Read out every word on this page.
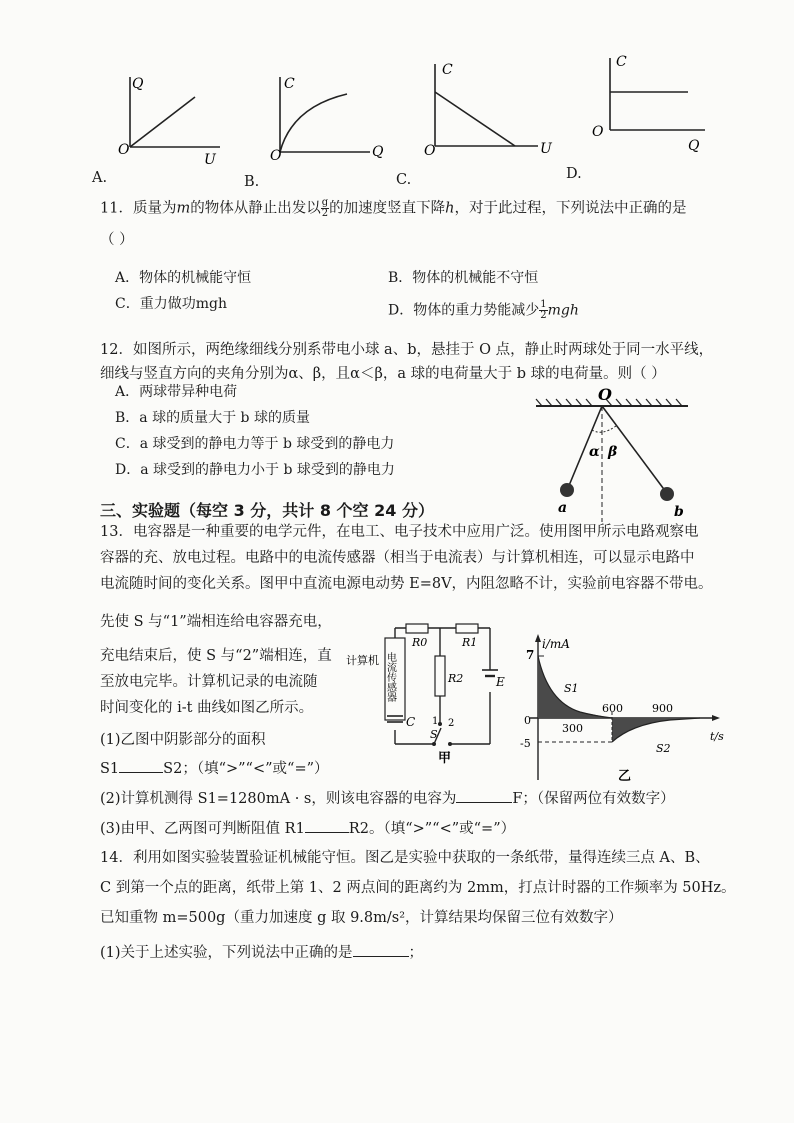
Q
O
U
A.
C
O	Q
B.
C
O	U
C.
C
O
Q
D.
11．质量为m的物体从静止出发以 $\frac{g}{2}$ 的加速度竖直下降h，对于此过程，下列说法中正确的是
（ ）
A．物体的机械能守恒	B．物体的机械能不守恒
C．重力做功mgh	D．物体的重力势能减少 $\frac{1}{2}$ mgh
12．如图所示，两绝缘细线分别系带电小球 a、b，悬挂于 O 点，静止时两球处于同一水平线，
细线与竖直方向的夹角分别为α、β，且α＜β，a 球的电荷量大于 b 球的电荷量。则（ ）
A．两球带异种电荷
B．a 球的质量大于 b 球的质量
C．a 球受到的静电力等于 b 球受到的静电力
D．a 球受到的静电力小于 b 球受到的静电力
O
α β
a	b
三、实验题（每空 3 分，共计 8 个空 24 分）
13．电容器是一种重要的电学元件，在电工、电子技术中应用广泛。使用图甲所示电路观察电
容器的充、放电过程。电路中的电流传感器（相当于电流表）与计算机相连，可以显示电路中
电流随时间的变化关系。图甲中直流电源电动势 E=8V，内阻忽略不计，实验前电容器不带电。
先使 S 与“1”端相连给电容器充电，
充电结束后，使 S 与“2”端相连，直
至放电完毕。计算机记录的电流随
时间变化的 i-t 曲线如图乙所示。
(1)乙图中阴影部分的面积
S1	S2；（填“>”“<”或“=”）
(2)计算机测得 S1=1280mA · s，则该电容器的电容为	F；（保留两位有效数字）
(3)由甲、乙两图可判断阻值 R1	R2。（填“>”“<”或“=”）
计算机 电流传感器
R0	R1
R2	E
C 1 2
S
甲
7
0
-5
i/mA
t/s
300
600	900
S1
S2
乙
14．利用如图实验装置验证机械能守恒。图乙是实验中获取的一条纸带，量得连续三点 A、B、
C 到第一个点的距离，纸带上第 1、2 两点间的距离约为 2mm，打点计时器的工作频率为 50Hz。
已知重物 m=500g（重力加速度 g 取 9.8m/s²，计算结果均保留三位有效数字）
(1)关于上述实验，下列说法中正确的是	；
